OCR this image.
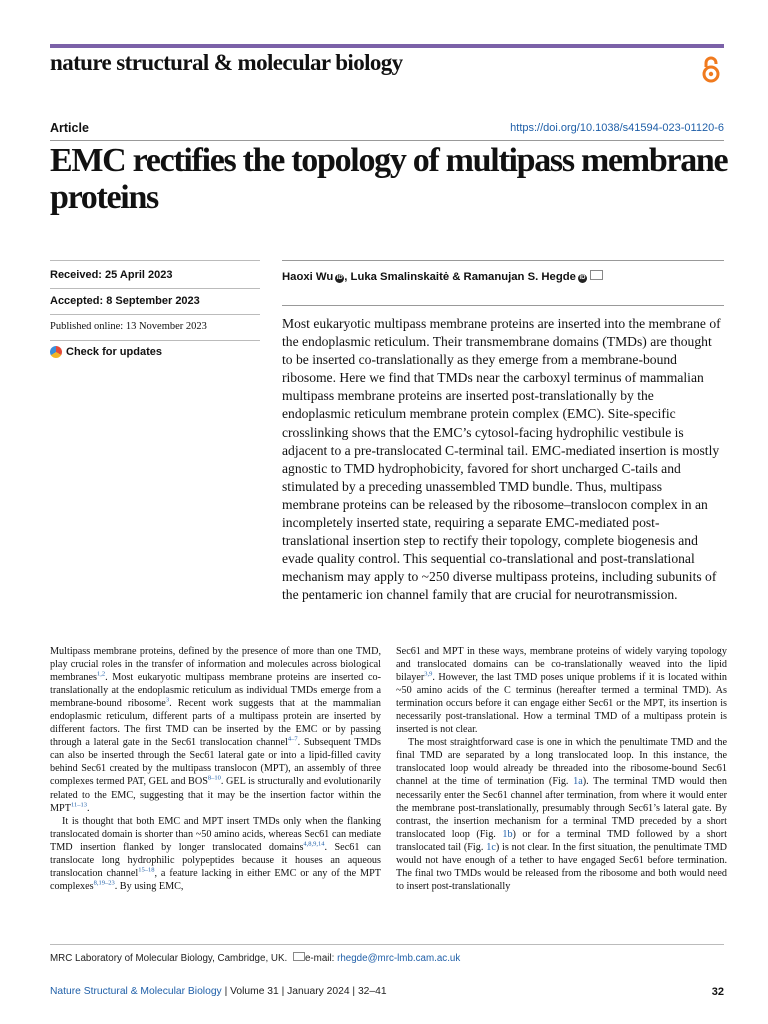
nature structural & molecular biology
Article	https://doi.org/10.1038/s41594-023-01120-6
EMC rectifies the topology of multipass membrane proteins
Received: 25 April 2023
Accepted: 8 September 2023
Published online: 13 November 2023
Check for updates
Haoxi Wu iD , Luka Smalinskaitė & Ramanujan S. Hegde iD

Most eukaryotic multipass membrane proteins are inserted into the membrane of the endoplasmic reticulum. Their transmembrane domains (TMDs) are thought to be inserted co-translationally as they emerge from a membrane-bound ribosome. Here we find that TMDs near the carboxyl terminus of mammalian multipass membrane proteins are inserted post-translationally by the endoplasmic reticulum membrane protein complex (EMC). Site-specific crosslinking shows that the EMC’s cytosol-facing hydrophilic vestibule is adjacent to a pre-translocated C-terminal tail. EMC-mediated insertion is mostly agnostic to TMD hydrophobicity, favored for short uncharged C-tails and stimulated by a preceding unassembled TMD bundle. Thus, multipass membrane proteins can be released by the ribosome–translocon complex in an incompletely inserted state, requiring a separate EMC-mediated post-translational insertion step to rectify their topology, complete biogenesis and evade quality control. This sequential co-translational and post-translational mechanism may apply to ~250 diverse multipass proteins, including subunits of the pentameric ion channel family that are crucial for neurotransmission.

Multipass membrane proteins, defined by the presence of more than one TMD, play crucial roles in the transfer of information and molecules across biological membranes$^{1,2}$. Most eukaryotic multipass membrane proteins are inserted co-translationally at the endoplasmic reticulum as individual TMDs emerge from a membrane-bound ribosome$^3$. Recent work suggests that at the mammalian endoplasmic reticulum, different parts of a multipass protein are inserted by different factors. The first TMD can be inserted by the EMC or by passing through a lateral gate in the Sec61 translocation channel$^{4-7}$. Subsequent TMDs can also be inserted through the Sec61 lateral gate or into a lipid-filled cavity behind Sec61 created by the multipass translocon (MPT), an assembly of three complexes termed PAT, GEL and BOS$^{8-10}$. GEL is structurally and evolutionarily related to the EMC, suggesting that it may be the insertion factor within the MPT$^{11-13}$.

It is thought that both EMC and MPT insert TMDs only when the flanking translocated domain is shorter than ~50 amino acids, whereas Sec61 can mediate TMD insertion flanked by longer translocated domains$^{4,8,9,14}$. Sec61 can translocate long hydrophilic polypeptides because it houses an aqueous translocation channel$^{15-18}$, a feature lacking in either EMC or any of the MPT complexes$^{8,19-23}$. By using EMC,

Sec61 and MPT in these ways, membrane proteins of widely varying topology and translocated domains can be co-translationally weaved into the lipid bilayer$^{3,9}$. However, the last TMD poses unique problems if it is located within ~50 amino acids of the C terminus (hereafter termed a terminal TMD). As termination occurs before it can engage either Sec61 or the MPT, its insertion is necessarily post-translational. How a terminal TMD of a multipass protein is inserted is not clear.

The most straightforward case is one in which the penultimate TMD and the final TMD are separated by a long translocated loop. In this instance, the translocated loop would already be threaded into the ribosome-bound Sec61 channel at the time of termination (Fig. 1a). The terminal TMD would then necessarily enter the Sec61 channel after termination, from where it would enter the membrane post-translationally, presumably through Sec61’s lateral gate. By contrast, the insertion mechanism for a terminal TMD preceded by a short translocated loop (Fig. 1b) or for a terminal TMD followed by a short translocated tail (Fig. 1c) is not clear. In the first situation, the penultimate TMD would not have enough of a tether to have engaged Sec61 before termination. The final two TMDs would be released from the ribosome and both would need to insert post-translationally

MRC Laboratory of Molecular Biology, Cambridge, UK. e-mail: rhegde@mrc-lmb.cam.ac.uk
Nature Structural & Molecular Biology | Volume 31 | January 2024 | 32–41	32
